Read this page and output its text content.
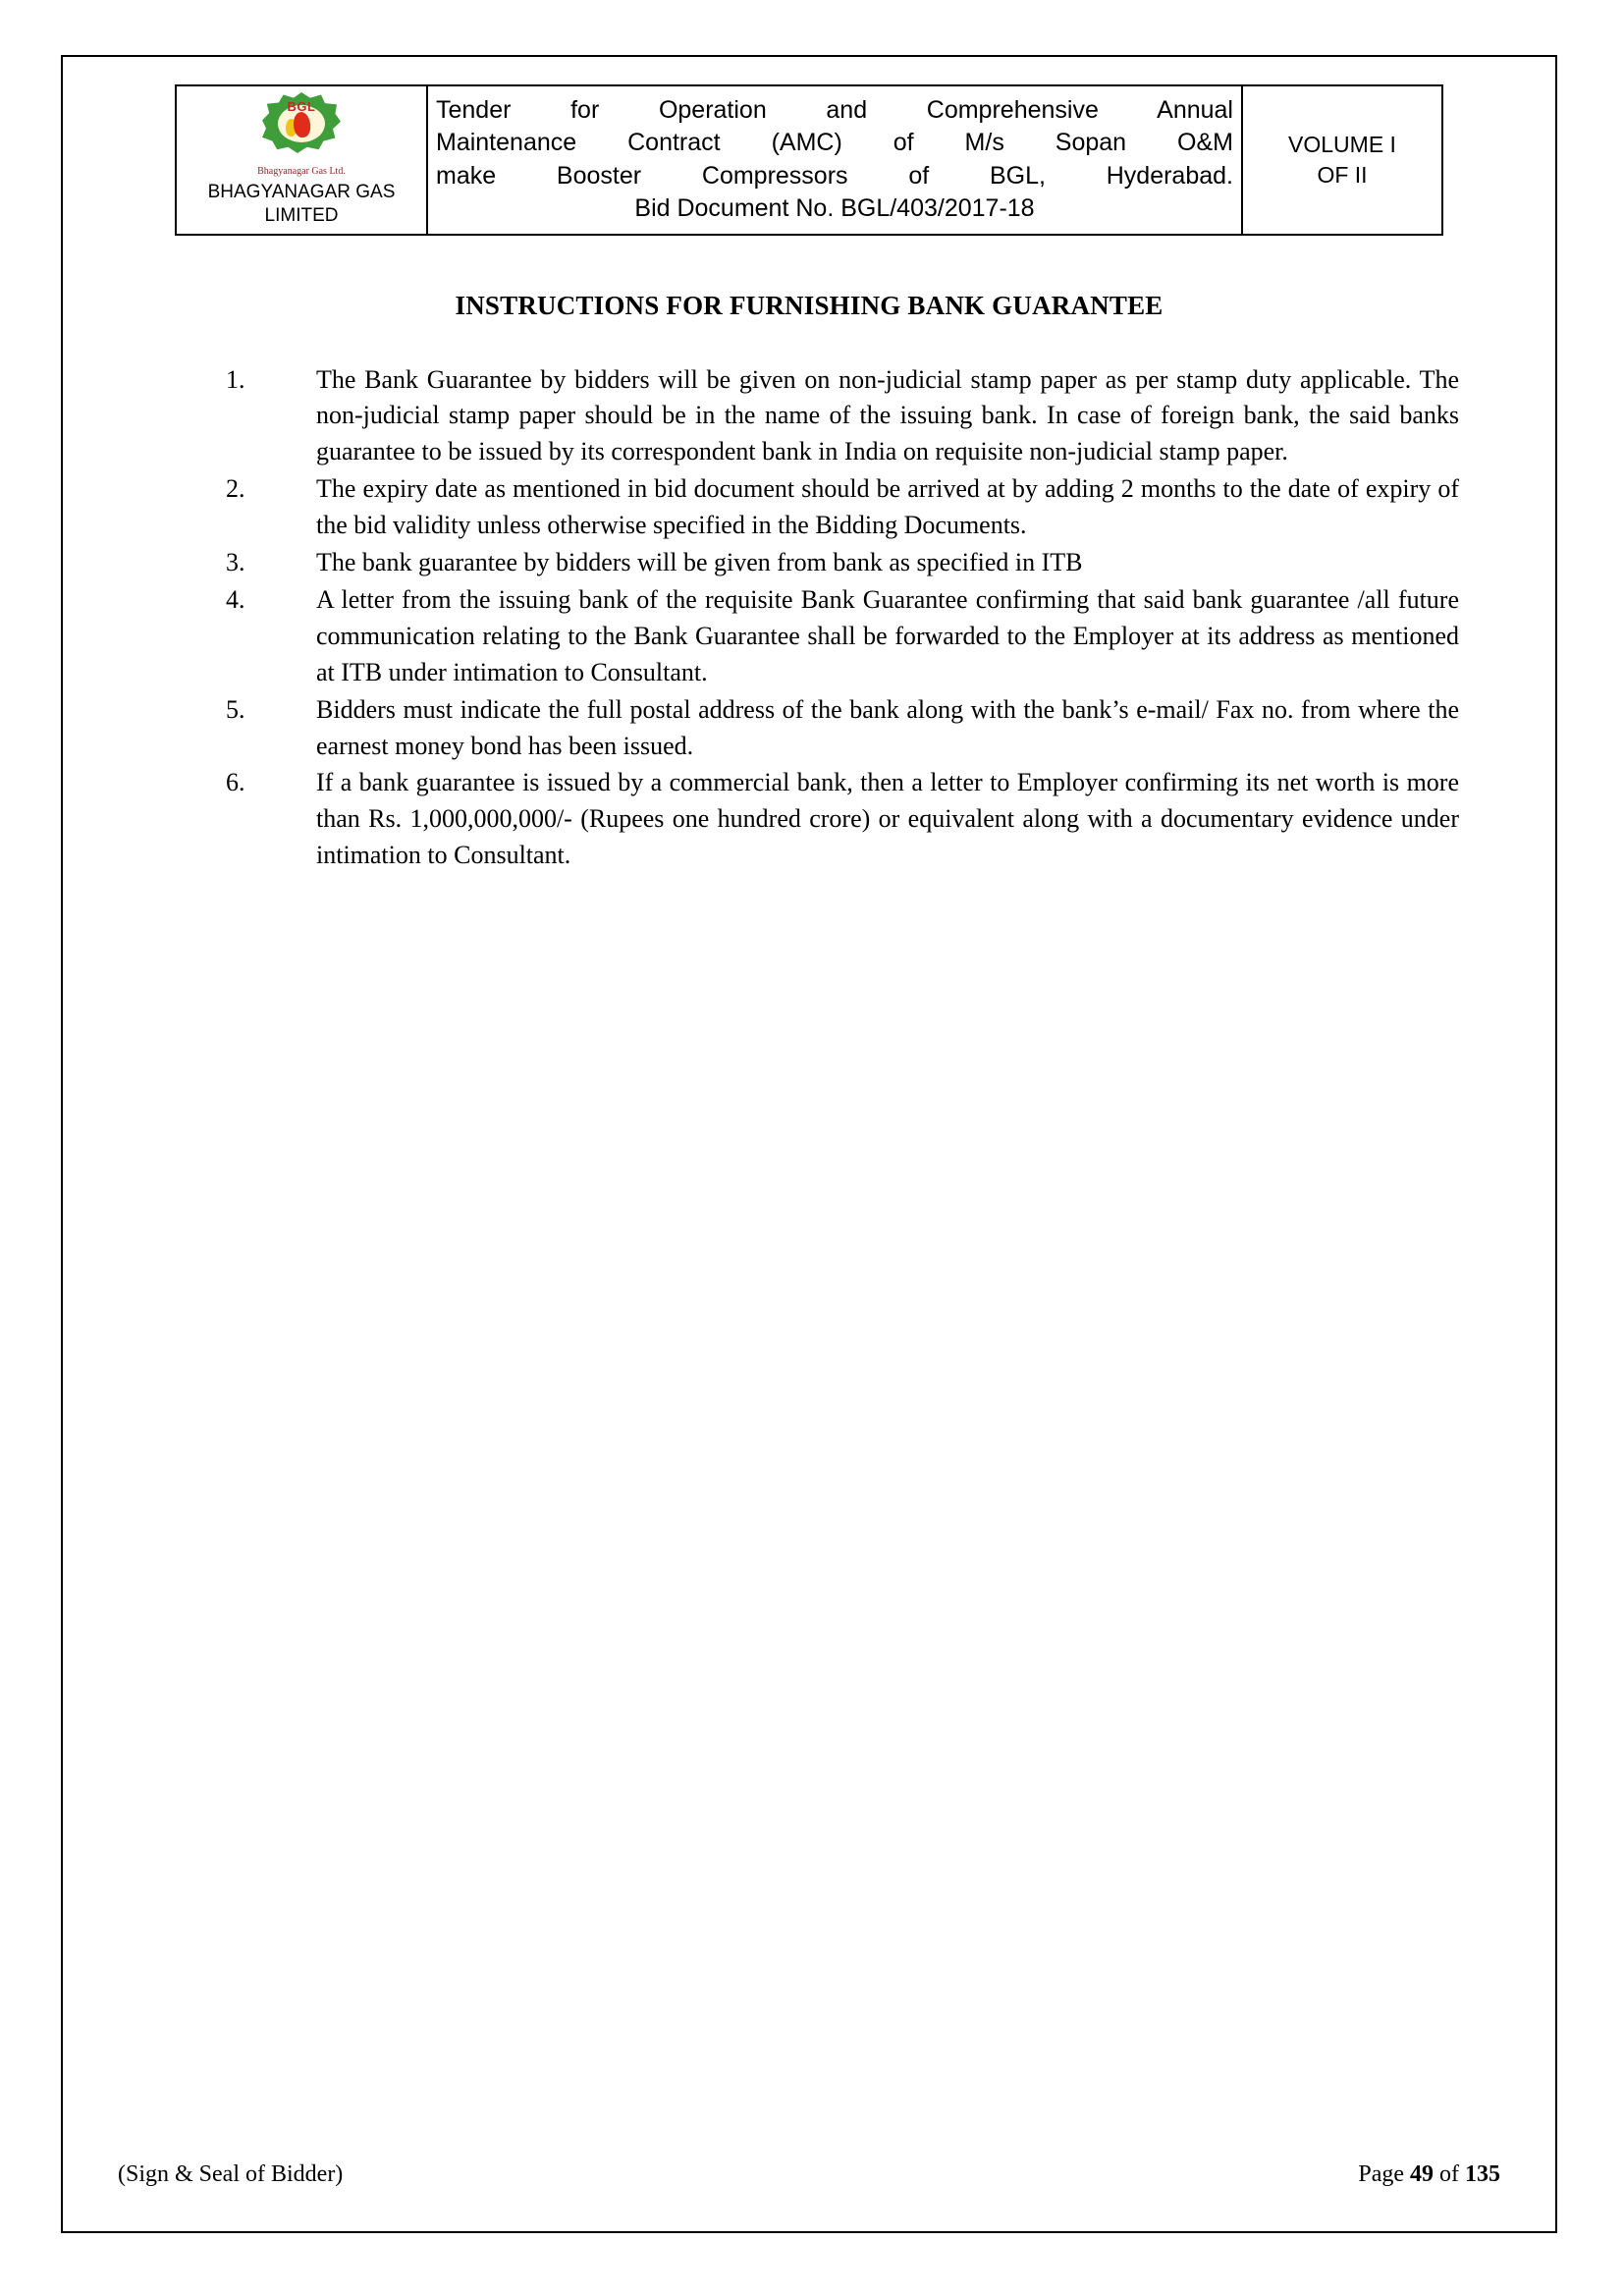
BGL
Bhagyanagar Gas Ltd.
BHAGYANAGAR GAS
LIMITED

Tender for Operation and Comprehensive Annual
Maintenance Contract (AMC) of M/s Sopan O&M
make Booster Compressors of BGL, Hyderabad.
Bid Document No. BGL/403/2017-18

VOLUME I
OF II
INSTRUCTIONS FOR FURNISHING BANK GUARANTEE
1.	The Bank Guarantee by bidders will be given on non-judicial stamp paper as per stamp duty applicable. The non-judicial stamp paper should be in the name of the issuing bank. In case of foreign bank, the said banks guarantee to be issued by its correspondent bank in India on requisite non-judicial stamp paper.
2.	The expiry date as mentioned in bid document should be arrived at by adding 2 months to the date of expiry of the bid validity unless otherwise specified in the Bidding Documents.
3.	The bank guarantee by bidders will be given from bank as specified in ITB
4.	A letter from the issuing bank of the requisite Bank Guarantee confirming that said bank guarantee /all future communication relating to the Bank Guarantee shall be forwarded to the Employer at its address as mentioned at ITB under intimation to Consultant.
5.	Bidders must indicate the full postal address of the bank along with the bank’s e-mail/ Fax no. from where the earnest money bond has been issued.
6.	If a bank guarantee is issued by a commercial bank, then a letter to Employer confirming its net worth is more than Rs. 1,000,000,000/- (Rupees one hundred crore) or equivalent along with a documentary evidence under intimation to Consultant.
(Sign & Seal of Bidder)	Page 49 of 135
